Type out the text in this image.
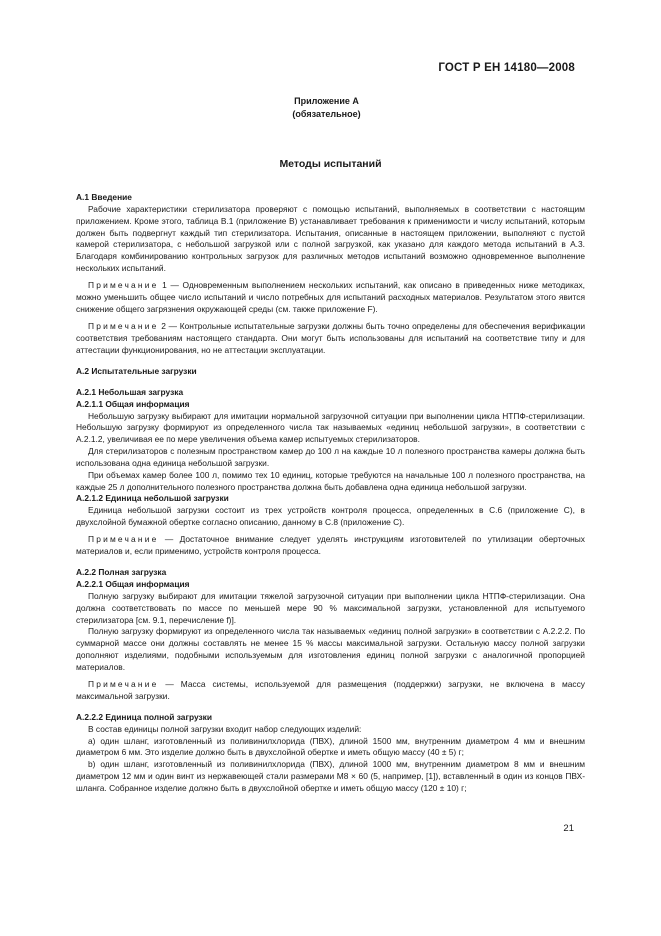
ГОСТ Р ЕН 14180—2008
Приложение А
(обязательное)
Методы испытаний
А.1 Введение

Рабочие характеристики стерилизатора проверяют с помощью испытаний, выполняемых в соответствии с настоящим приложением. Кроме этого, таблица В.1 (приложение В) устанавливает требования к применимости и числу испытаний, которым должен быть подвергнут каждый тип стерилизатора. Испытания, описанные в настоящем приложении, выполняют с пустой камерой стерилизатора, с небольшой загрузкой или с полной загрузкой, как указано для каждого метода испытаний в А.3. Благодаря комбинированию контрольных загрузок для различных методов испытаний возможно одновременное выполнение нескольких испытаний.

Примечание 1 — Одновременным выполнением нескольких испытаний, как описано в приведенных ниже методиках, можно уменьшить общее число испытаний и число потребных для испытаний расходных материалов. Результатом этого явится снижение общего загрязнения окружающей среды (см. также приложение F).

Примечание 2 — Контрольные испытательные загрузки должны быть точно определены для обеспечения верификации соответствия требованиям настоящего стандарта. Они могут быть использованы для испытаний на соответствие типу и для аттестации функционирования, но не аттестации эксплуатации.

А.2 Испытательные загрузки
А.2.1 Небольшая загрузка
А.2.1.1 Общая информация

Небольшую загрузку выбирают для имитации нормальной загрузочной ситуации при выполнении цикла НТПФ-стерилизации. Небольшую загрузку формируют из определенного числа так называемых «единиц небольшой загрузки», в соответствии с А.2.1.2, увеличивая ее по мере увеличения объема камер испытуемых стерилизаторов.

Для стерилизаторов с полезным пространством камер до 100 л на каждые 10 л полезного пространства камеры должна быть использована одна единица небольшой загрузки.

При объемах камер более 100 л, помимо тех 10 единиц, которые требуются на начальные 100 л полезного пространства, на каждые 25 л дополнительного полезного пространства должна быть добавлена одна единица небольшой загрузки.

А.2.1.2 Единица небольшой загрузки

Единица небольшой загрузки состоит из трех устройств контроля процесса, определенных в С.6 (приложение С), в двухслойной бумажной обертке согласно описанию, данному в С.8 (приложение С).

Примечание — Достаточное внимание следует уделять инструкциям изготовителей по утилизации оберточных материалов и, если применимо, устройств контроля процесса.

А.2.2 Полная загрузка
А.2.2.1 Общая информация

Полную загрузку выбирают для имитации тяжелой загрузочной ситуации при выполнении цикла НТПФ-стерилизации. Она должна соответствовать по массе по меньшей мере 90 % максимальной загрузки, установленной для испытуемого стерилизатора [см. 9.1, перечисление f)].

Полную загрузку формируют из определенного числа так называемых «единиц полной загрузки» в соответствии с А.2.2.2. По суммарной массе они должны составлять не менее 15 % массы максимальной загрузки. Остальную массу полной загрузки дополняют изделиями, подобными используемым для изготовления единиц полной загрузки с аналогичной пропорцией материалов.

Примечание — Масса системы, используемой для размещения (поддержки) загрузки, не включена в массу максимальной загрузки.

А.2.2.2 Единица полной загрузки

В состав единицы полной загрузки входит набор следующих изделий:

а) один шланг, изготовленный из поливинилхлорида (ПВХ), длиной 1500 мм, внутренним диаметром 4 мм и внешним диаметром 6 мм. Это изделие должно быть в двухслойной обертке и иметь общую массу (40 ± 5) г;

b) один шланг, изготовленный из поливинилхлорида (ПВХ), длиной 1000 мм, внутренним диаметром 8 мм и внешним диаметром 12 мм и один винт из нержавеющей стали размерами М8 × 60 (5, например, [1]), вставленный в один из концов ПВХ-шланга. Собранное изделие должно быть в двухслойной обертке и иметь общую массу (120 ± 10) г;

21
